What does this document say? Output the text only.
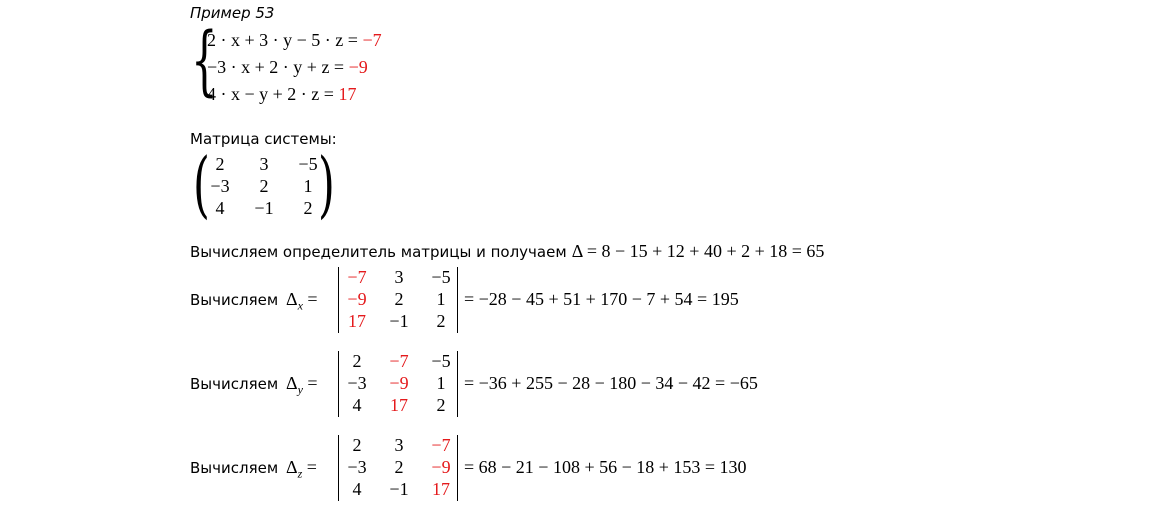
Пример 53
{
2 · x + 3 · y − 5 · z = −7
−3 · x + 2 · y + z = −9
4 · x − y + 2 · z = 17
Матрица системы:
( 2 3 −5
−3 2 1
4 −1 2 )
Вычисляем определитель матрицы и получаем Δ = 8 − 15 + 12 + 40 + 2 + 18 = 65
Вычисляем $\Delta_x$ =
−7 3 −5
−9 2 1
17 −1 2
= −28 − 45 + 51 + 170 − 7 + 54 = 195
Вычисляем $\Delta_y$ =
2 −7 −5
−3 −9 1
4 17 2
= −36 + 255 − 28 − 180 − 34 − 42 = −65
Вычисляем $\Delta_z$ =
2 3 −7
−3 2 −9
4 −1 17
= 68 − 21 − 108 + 56 − 18 + 153 = 130
